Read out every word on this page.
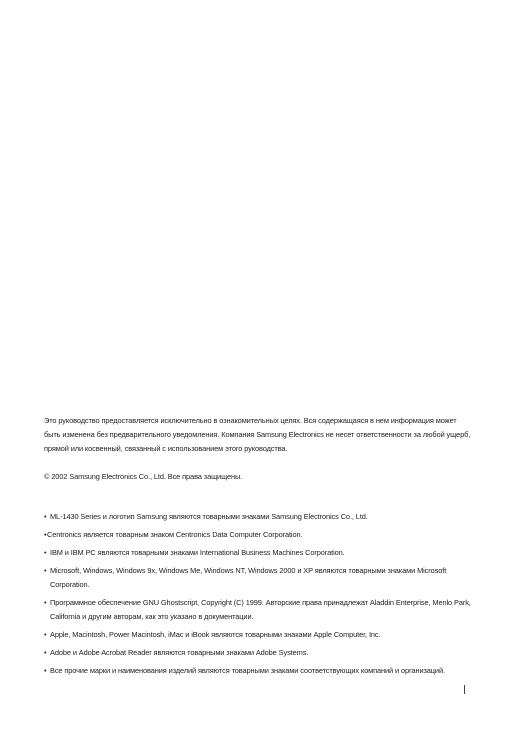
Это руководство предоставляется исключительно в ознакомительных целях. Вся содержащаяся в нем информация может быть изменена без предварительного уведомления. Компания Samsung Electronics не несет ответственности за любой ущерб, прямой или косвенный, связанный с использованием этого руководства.

© 2002 Samsung Electronics Co., Ltd. Все права защищены.

• ML-1430 Series и логотип Samsung являются товарными знаками Samsung Electronics Co., Ltd.
• Centronics является товарным знаком Centronics Data Computer Corporation.
• IBM и IBM PC являются товарными знаками International Business Machines Corporation.
• Microsoft, Windows, Windows 9x, Windows Me, Windows NT, Windows 2000 и XP являются товарными знаками Microsoft Corporation.
• Программное обеспечение GNU Ghostscript, Copyright (C) 1999. Авторские права принадлежат Aladdin Enterprise, Menlo Park, California и другим авторам, как это указано в документации.
• Apple, Macintosh, Power Macintosh, iMac и iBook являются товарными знаками Apple Computer, Inc.
• Adobe и Adobe Acrobat Reader являются товарными знаками Adobe Systems.
• Все прочие марки и наименования изделий являются товарными знаками соответствующих компаний и организаций.
